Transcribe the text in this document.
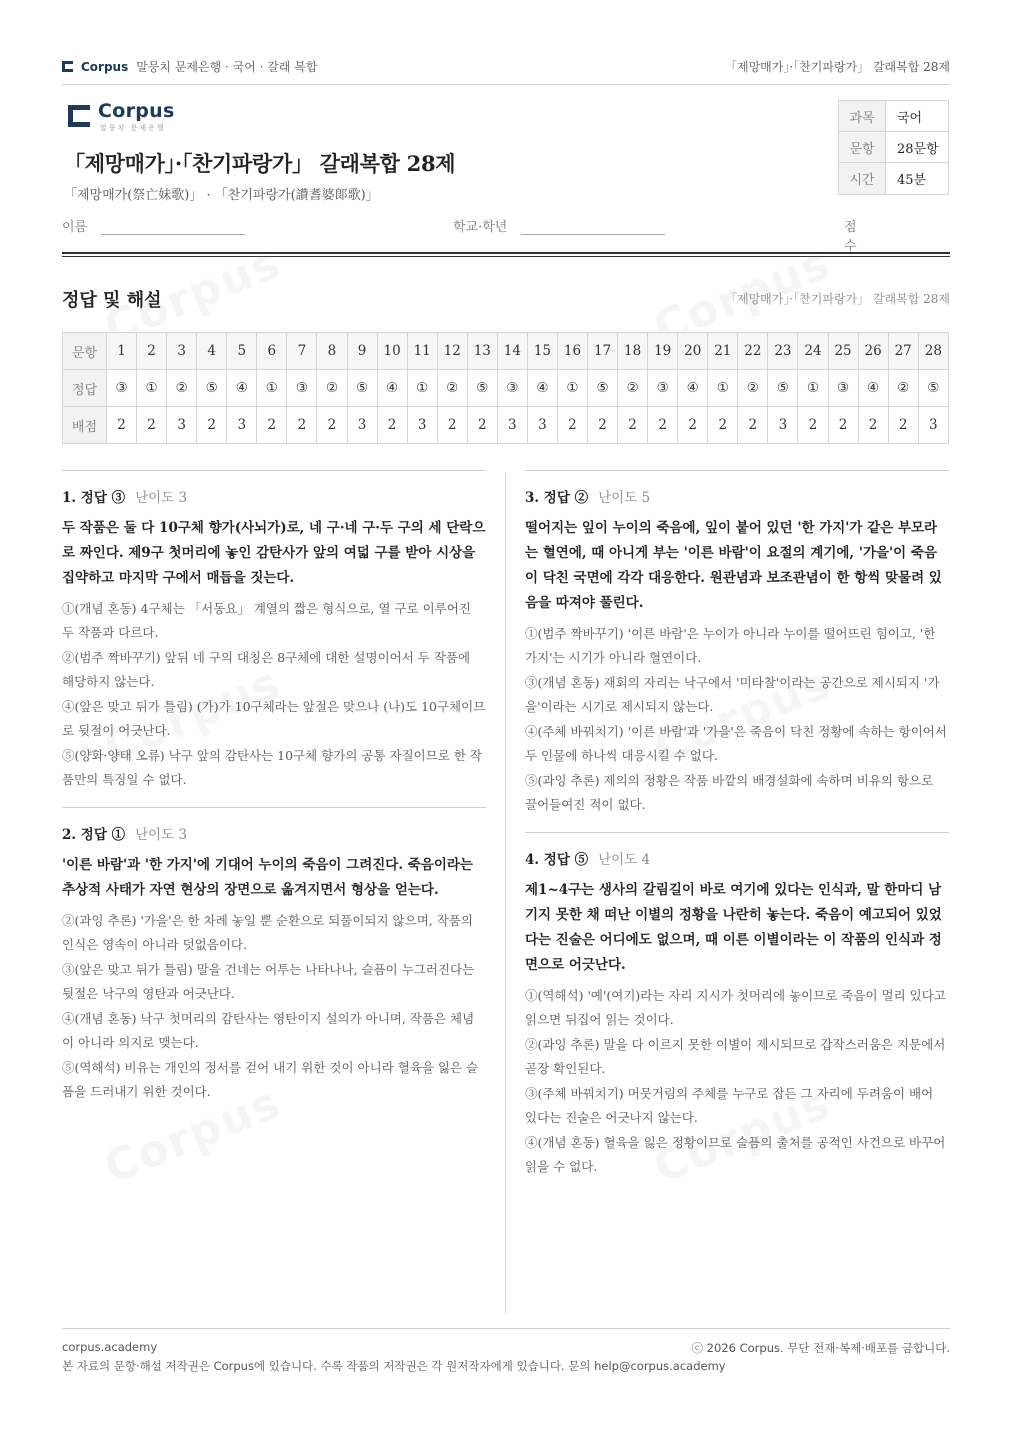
Corpus 말뭉치 문제은행 · 국어 · 갈래 복합	「제망매가」·「찬기파랑가」 갈래복합 28제
Corpus
말뭉치 문제은행
「제망매가」·「찬기파랑가」 갈래복합 28제
「제망매가(祭亡妹歌)」 · 「찬기파랑가(讚耆婆郞歌)」
과목	국어
문항	28문항
시간	45분
이름	학교·학년	점수
정답 및 해설	「제망매가」·「찬기파랑가」 갈래복합 28제
문항	1	2	3	4	5	6	7	8	9	10	11	12	13	14	15	16	17	18	19	20	21	22	23	24	25	26	27	28
정답	③	①	②	⑤	④	①	③	②	⑤	④	①	②	⑤	③	④	①	⑤	②	③	④	①	②	⑤	①	③	④	②	⑤
배점	2	2	3	2	3	2	2	2	3	2	3	2	2	3	3	2	2	2	2	2	2	2	3	2	2	2	2	3
1. 정답 ③ 난이도 3
두 작품은 둘 다 10구체 향가(사뇌가)로, 네 구·네 구·두 구의 세 단락으로 짜인다. 제9구 첫머리에 놓인 감탄사가 앞의 여덟 구를 받아 시상을 집약하고 마지막 구에서 매듭을 짓는다.
①(개념 혼동) 4구체는 「서동요」 계열의 짧은 형식으로, 열 구로 이루어진 두 작품과 다르다.
②(범주 짝바꾸기) 앞뒤 네 구의 대칭은 8구체에 대한 설명이어서 두 작품에 해당하지 않는다.
④(앞은 맞고 뒤가 틀림) (가)가 10구체라는 앞절은 맞으나 (나)도 10구체이므로 뒷절이 어긋난다.
⑤(양화·양태 오류) 낙구 앞의 감탄사는 10구체 향가의 공통 자질이므로 한 작품만의 특징일 수 없다.
2. 정답 ① 난이도 3
'이른 바람'과 '한 가지'에 기대어 누이의 죽음이 그려진다. 죽음이라는 추상적 사태가 자연 현상의 장면으로 옮겨지면서 형상을 얻는다.
②(과잉 추론) '가을'은 한 차례 놓일 뿐 순환으로 되풀이되지 않으며, 작품의 인식은 영속이 아니라 덧없음이다.
③(앞은 맞고 뒤가 틀림) 말을 건네는 어투는 나타나나, 슬픔이 누그러진다는 뒷절은 낙구의 영탄과 어긋난다.
④(개념 혼동) 낙구 첫머리의 감탄사는 영탄이지 설의가 아니며, 작품은 체념이 아니라 의지로 맺는다.
⑤(역해석) 비유는 개인의 정서를 걷어 내기 위한 것이 아니라 혈육을 잃은 슬픔을 드러내기 위한 것이다.
3. 정답 ② 난이도 5
떨어지는 잎이 누이의 죽음에, 잎이 붙어 있던 '한 가지'가 같은 부모라는 혈연에, 때 아니게 부는 '이른 바람'이 요절의 계기에, '가을'이 죽음이 닥친 국면에 각각 대응한다. 원관념과 보조관념이 한 항씩 맞물려 있음을 따져야 풀린다.
①(범주 짝바꾸기) '이른 바람'은 누이가 아니라 누이를 떨어뜨린 힘이고, '한 가지'는 시기가 아니라 혈연이다.
③(개념 혼동) 재회의 자리는 낙구에서 '미타찰'이라는 공간으로 제시되지 '가을'이라는 시기로 제시되지 않는다.
④(주체 바꿔치기) '이른 바람'과 '가을'은 죽음이 닥친 정황에 속하는 항이어서 두 인물에 하나씩 대응시킬 수 없다.
⑤(과잉 추론) 제의의 정황은 작품 바깥의 배경설화에 속하며 비유의 항으로 끌어들여진 적이 없다.
4. 정답 ⑤ 난이도 4
제1~4구는 생사의 갈림길이 바로 여기에 있다는 인식과, 말 한마디 남기지 못한 채 떠난 이별의 정황을 나란히 놓는다. 죽음이 예고되어 있었다는 진술은 어디에도 없으며, 때 이른 이별이라는 이 작품의 인식과 정면으로 어긋난다.
①(역해석) '예'(여기)라는 자리 지시가 첫머리에 놓이므로 죽음이 멀리 있다고 읽으면 뒤집어 읽는 것이다.
②(과잉 추론) 말을 다 이르지 못한 이별이 제시되므로 갑작스러움은 지문에서 곧장 확인된다.
③(주체 바꿔치기) 머뭇거림의 주체를 누구로 잡든 그 자리에 두려움이 배어 있다는 진술은 어긋나지 않는다.
④(개념 혼동) 혈육을 잃은 정황이므로 슬픔의 출처를 공적인 사건으로 바꾸어 읽을 수 없다.
corpus.academy	ⓒ 2026 Corpus. 무단 전재·복제·배포를 금합니다.
본 자료의 문항·해설 저작권은 Corpus에 있습니다. 수록 작품의 저작권은 각 원저작자에게 있습니다. 문의 help@corpus.academy
